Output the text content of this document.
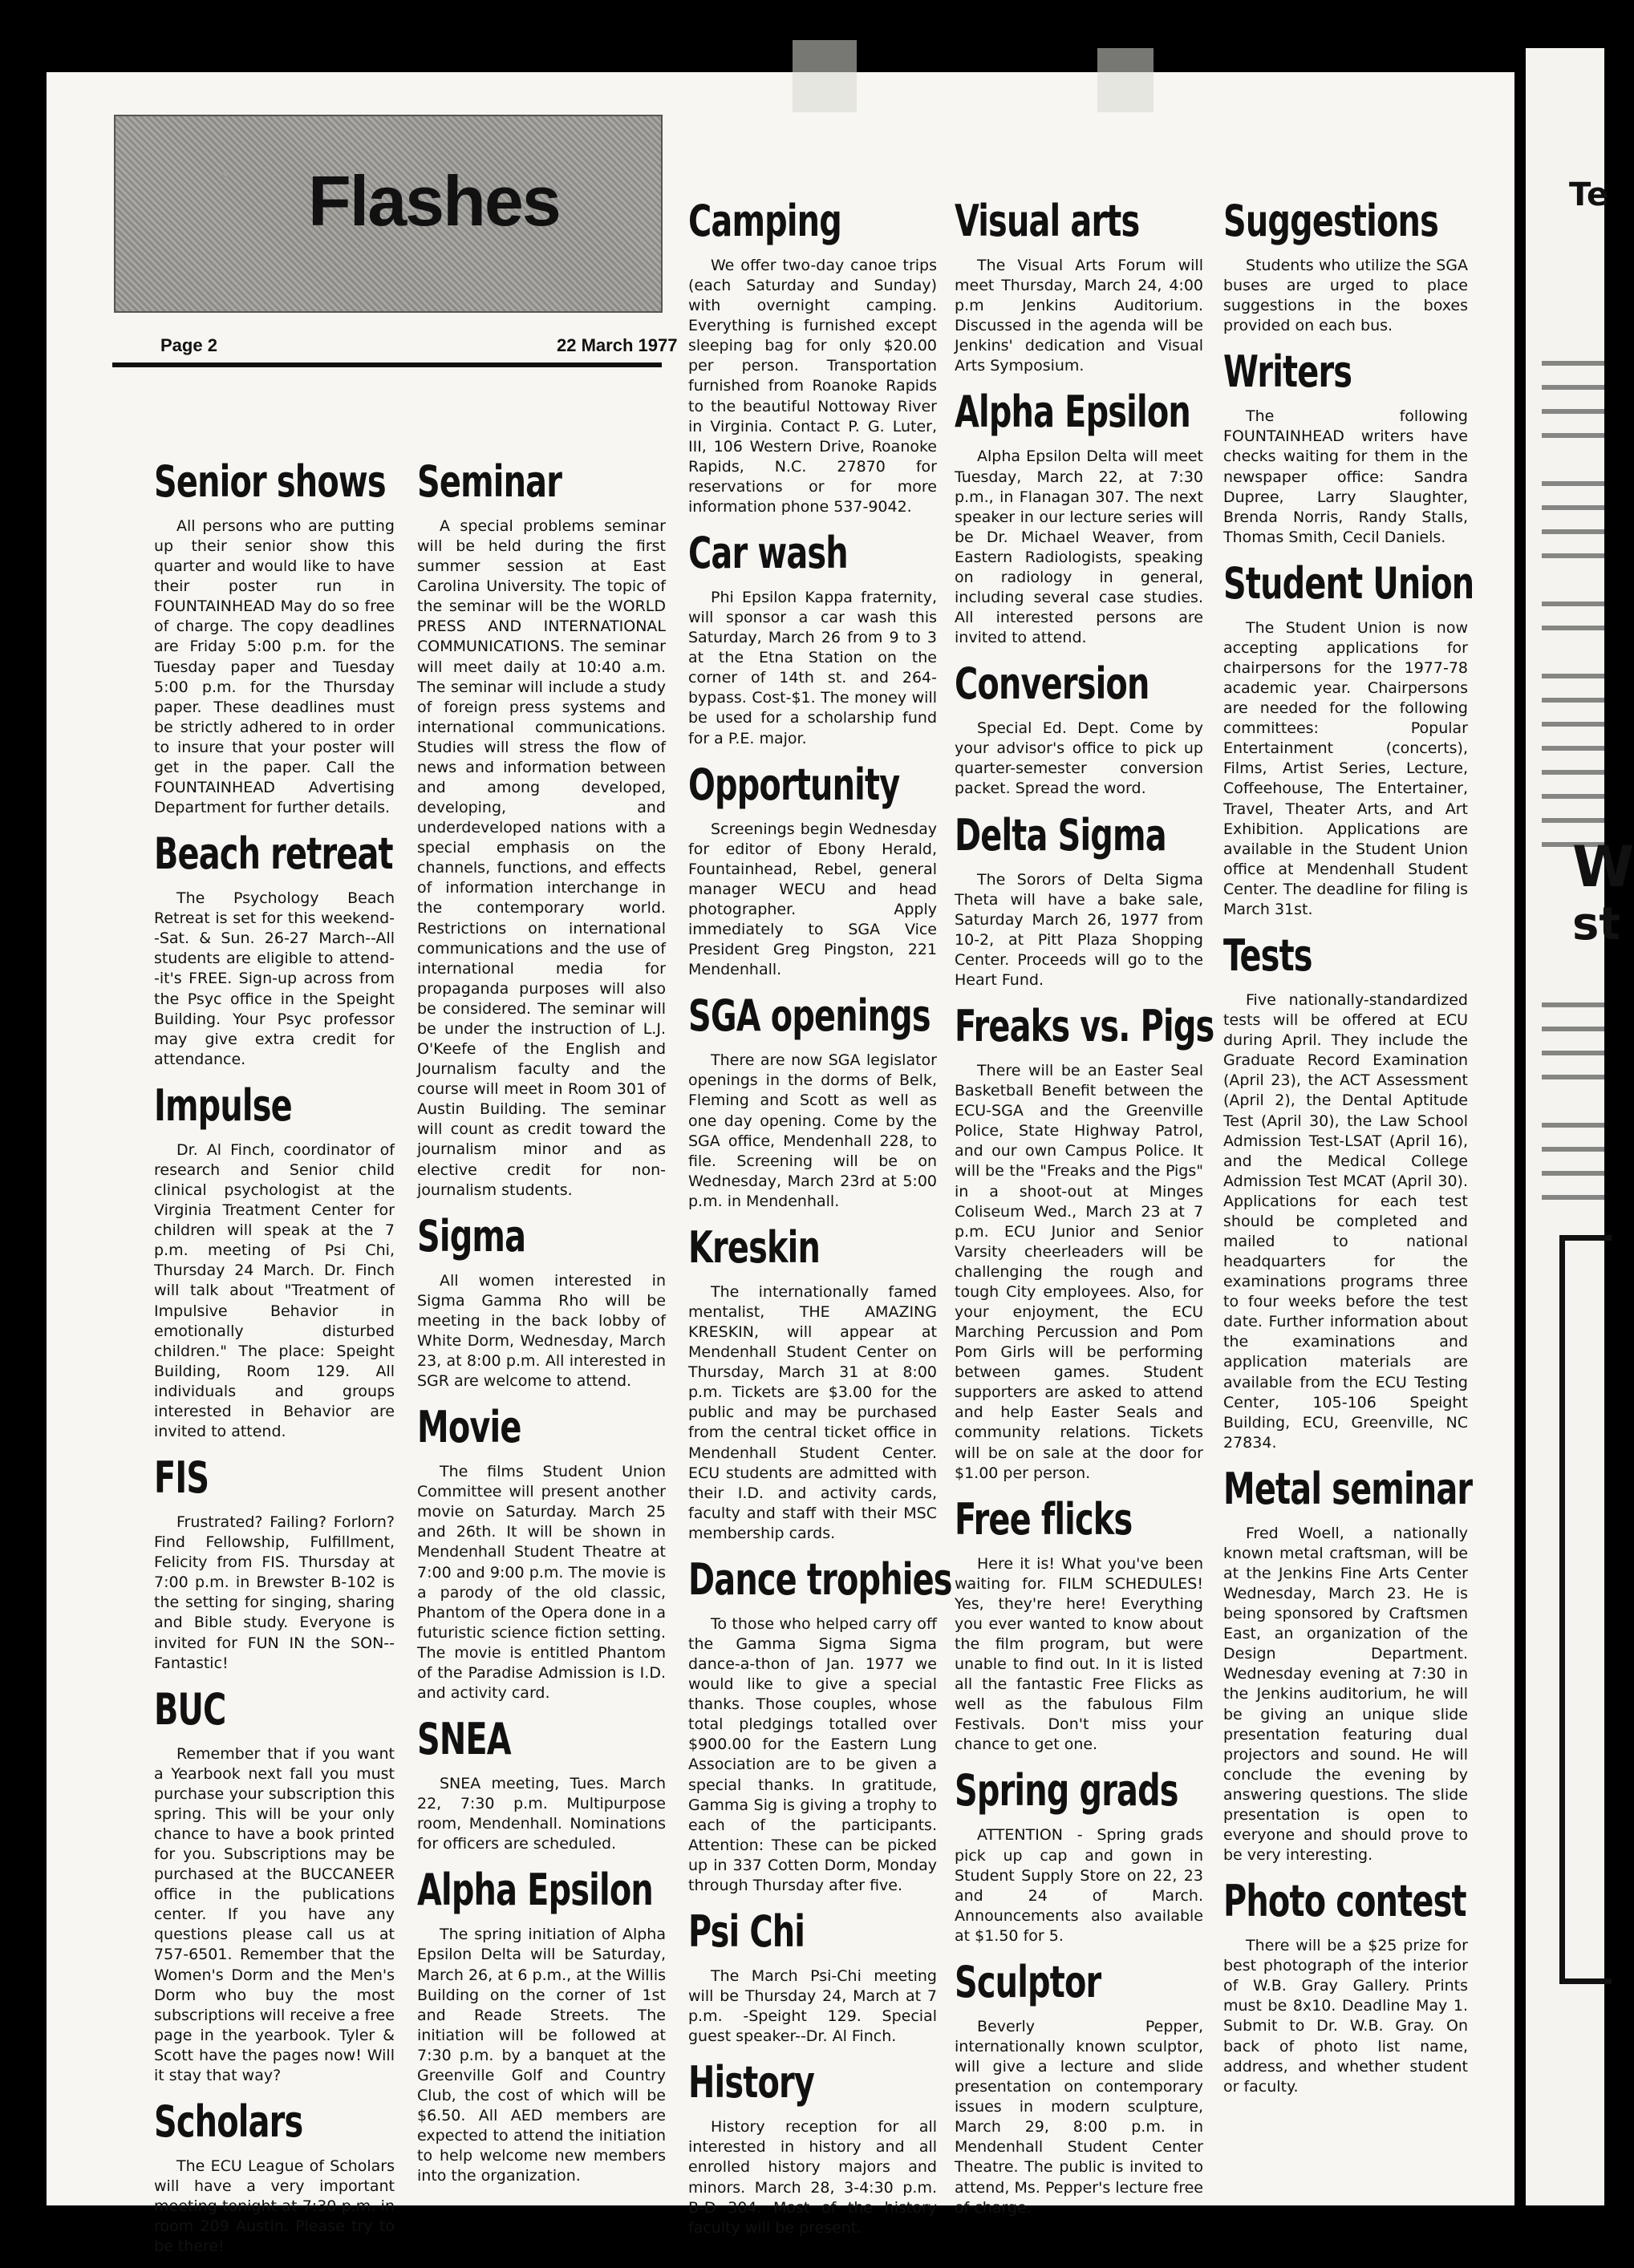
Flashes
Page 2	22 March 1977
Senior shows

All persons who are putting up their senior show this quarter and would like to have their poster run in FOUNTAINHEAD May do so free of charge. The copy deadlines are Friday 5:00 p.m. for the Tuesday paper and Tuesday 5:00 p.m. for the Thursday paper. These deadlines must be strictly adhered to in order to insure that your poster will get in the paper. Call the FOUNTAINHEAD Advertising Department for further details.

Beach retreat

The Psychology Beach Retreat is set for this weekend--Sat. & Sun. 26-27 March--All students are eligible to attend--it's FREE. Sign-up across from the Psyc office in the Speight Building. Your Psyc professor may give extra credit for attendance.

Impulse

Dr. Al Finch, coordinator of research and Senior child clinical psychologist at the Virginia Treatment Center for children will speak at the 7 p.m. meeting of Psi Chi, Thursday 24 March. Dr. Finch will talk about "Treatment of Impulsive Behavior in emotionally disturbed children." The place: Speight Building, Room 129. All individuals and groups interested in Behavior are invited to attend.

FIS

Frustrated? Failing? Forlorn? Find Fellowship, Fulfillment, Felicity from FIS. Thursday at 7:00 p.m. in Brewster B-102 is the setting for singing, sharing and Bible study. Everyone is invited for FUN IN the SON--Fantastic!

BUC

Remember that if you want a Yearbook next fall you must purchase your subscription this spring. This will be your only chance to have a book printed for you. Subscriptions may be purchased at the BUCCANEER office in the publications center. If you have any questions please call us at 757-6501. Remember that the Women's Dorm and the Men's Dorm who buy the most subscriptions will receive a free page in the yearbook. Tyler & Scott have the pages now! Will it stay that way?

Scholars

The ECU League of Scholars will have a very important meeting tonight at 7:30 p.m. in room 209 Austin. Please try to be there!

Seminar

A special problems seminar will be held during the first summer session at East Carolina University. The topic of the seminar will be the WORLD PRESS AND INTERNATIONAL COMMUNICATIONS. The seminar will meet daily at 10:40 a.m. The seminar will include a study of foreign press systems and international communications. Studies will stress the flow of news and information between and among developed, developing, and underdeveloped nations with a special emphasis on the channels, functions, and effects of information interchange in the contemporary world. Restrictions on international communications and the use of international media for propaganda purposes will also be considered. The seminar will be under the instruction of L.J. O'Keefe of the English and Journalism faculty and the course will meet in Room 301 of Austin Building. The seminar will count as credit toward the journalism minor and as elective credit for non-journalism students.

Sigma

All women interested in Sigma Gamma Rho will be meeting in the back lobby of White Dorm, Wednesday, March 23, at 8:00 p.m. All interested in SGR are welcome to attend.

Movie

The films Student Union Committee will present another movie on Saturday. March 25 and 26th. It will be shown in Mendenhall Student Theatre at 7:00 and 9:00 p.m. The movie is a parody of the old classic, Phantom of the Opera done in a futuristic science fiction setting. The movie is entitled Phantom of the Paradise Admission is I.D. and activity card.

SNEA

SNEA meeting, Tues. March 22, 7:30 p.m. Multipurpose room, Mendenhall. Nominations for officers are scheduled.

Alpha Epsilon

The spring initiation of Alpha Epsilon Delta will be Saturday, March 26, at 6 p.m., at the Willis Building on the corner of 1st and Reade Streets. The initiation will be followed at 7:30 p.m. by a banquet at the Greenville Golf and Country Club, the cost of which will be $6.50. All AED members are expected to attend the initiation to help welcome new members into the organization.

Camping

We offer two-day canoe trips (each Saturday and Sunday) with overnight camping. Everything is furnished except sleeping bag for only $20.00 per person. Transportation furnished from Roanoke Rapids to the beautiful Nottoway River in Virginia. Contact P. G. Luter, III, 106 Western Drive, Roanoke Rapids, N.C. 27870 for reservations or for more information phone 537-9042.

Car wash

Phi Epsilon Kappa fraternity, will sponsor a car wash this Saturday, March 26 from 9 to 3 at the Etna Station on the corner of 14th st. and 264-bypass. Cost-$1. The money will be used for a scholarship fund for a P.E. major.

Opportunity

Screenings begin Wednesday for editor of Ebony Herald, Fountainhead, Rebel, general manager WECU and head photographer. Apply immediately to SGA Vice President Greg Pingston, 221 Mendenhall.

SGA openings

There are now SGA legislator openings in the dorms of Belk, Fleming and Scott as well as one day opening. Come by the SGA office, Mendenhall 228, to file. Screening will be on Wednesday, March 23rd at 5:00 p.m. in Mendenhall.

Kreskin

The internationally famed mentalist, THE AMAZING KRESKIN, will appear at Mendenhall Student Center on Thursday, March 31 at 8:00 p.m. Tickets are $3.00 for the public and may be purchased from the central ticket office in Mendenhall Student Center. ECU students are admitted with their I.D. and activity cards, faculty and staff with their MSC membership cards.

Dance trophies

To those who helped carry off the Gamma Sigma Sigma dance-a-thon of Jan. 1977 we would like to give a special thanks. Those couples, whose total pledgings totalled over $900.00 for the Eastern Lung Association are to be given a special thanks. In gratitude, Gamma Sig is giving a trophy to each of the participants. Attention: These can be picked up in 337 Cotten Dorm, Monday through Thursday after five.

Psi Chi

The March Psi-Chi meeting will be Thursday 24, March at 7 p.m. -Speight 129. Special guest speaker--Dr. Al Finch.

History

History reception for all interested in history and all enrolled history majors and minors. March 28, 3-4:30 p.m. B-D 304. Most of the history faculty will be present.

Visual arts

The Visual Arts Forum will meet Thursday, March 24, 4:00 p.m Jenkins Auditorium. Discussed in the agenda will be Jenkins' dedication and Visual Arts Symposium.

Alpha Epsilon

Alpha Epsilon Delta will meet Tuesday, March 22, at 7:30 p.m., in Flanagan 307. The next speaker in our lecture series will be Dr. Michael Weaver, from Eastern Radiologists, speaking on radiology in general, including several case studies. All interested persons are invited to attend.

Conversion

Special Ed. Dept. Come by your advisor's office to pick up quarter-semester conversion packet. Spread the word.

Delta Sigma

The Sorors of Delta Sigma Theta will have a bake sale, Saturday March 26, 1977 from 10-2, at Pitt Plaza Shopping Center. Proceeds will go to the Heart Fund.

Freaks vs. Pigs

There will be an Easter Seal Basketball Benefit between the ECU-SGA and the Greenville Police, State Highway Patrol, and our own Campus Police. It will be the "Freaks and the Pigs" in a shoot-out at Minges Coliseum Wed., March 23 at 7 p.m. ECU Junior and Senior Varsity cheerleaders will be challenging the rough and tough City employees. Also, for your enjoyment, the ECU Marching Percussion and Pom Pom Girls will be performing between games. Student supporters are asked to attend and help Easter Seals and community relations. Tickets will be on sale at the door for $1.00 per person.

Free flicks

Here it is! What you've been waiting for. FILM SCHEDULES! Yes, they're here! Everything you ever wanted to know about the film program, but were unable to find out. In it is listed all the fantastic Free Flicks as well as the fabulous Film Festivals. Don't miss your chance to get one.

Spring grads

ATTENTION - Spring grads pick up cap and gown in Student Supply Store on 22, 23 and 24 of March. Announcements also available at $1.50 for 5.

Sculptor

Beverly Pepper, internationally known sculptor, will give a lecture and slide presentation on contemporary issues in modern sculpture, March 29, 8:00 p.m. in Mendenhall Student Center Theatre. The public is invited to attend, Ms. Pepper's lecture free of charge.

Suggestions

Students who utilize the SGA buses are urged to place suggestions in the boxes provided on each bus.

Writers

The following FOUNTAINHEAD writers have checks waiting for them in the newspaper office: Sandra Dupree, Larry Slaughter, Brenda Norris, Randy Stalls, Thomas Smith, Cecil Daniels.

Student Union

The Student Union is now accepting applications for chairpersons for the 1977-78 academic year. Chairpersons are needed for the following committees: Popular Entertainment (concerts), Films, Artist Series, Lecture, Coffeehouse, The Entertainer, Travel, Theater Arts, and Art Exhibition. Applications are available in the Student Union office at Mendenhall Student Center. The deadline for filing is March 31st.

Tests

Five nationally-standardized tests will be offered at ECU during April. They include the Graduate Record Examination (April 23), the ACT Assessment (April 2), the Dental Aptitude Test (April 30), the Law School Admission Test-LSAT (April 16), and the Medical College Admission Test MCAT (April 30). Applications for each test should be completed and mailed to national headquarters for the examinations programs three to four weeks before the test date. Further information about the examinations and application materials are available from the ECU Testing Center, 105-106 Speight Building, ECU, Greenville, NC 27834.

Metal seminar

Fred Woell, a nationally known metal craftsman, will be at the Jenkins Fine Arts Center Wednesday, March 23. He is being sponsored by Craftsmen East, an organization of the Design Department. Wednesday evening at 7:30 in the Jenkins auditorium, he will be giving an unique slide presentation featuring dual projectors and sound. He will conclude the evening by answering questions. The slide presentation is open to everyone and should prove to be very interesting.

Photo contest

There will be a $25 prize for best photograph of the interior of W.B. Gray Gallery. Prints must be 8x10. Deadline May 1. Submit to Dr. W.B. Gray. On back of photo list name, address, and whether student or faculty.

Te
W
st
